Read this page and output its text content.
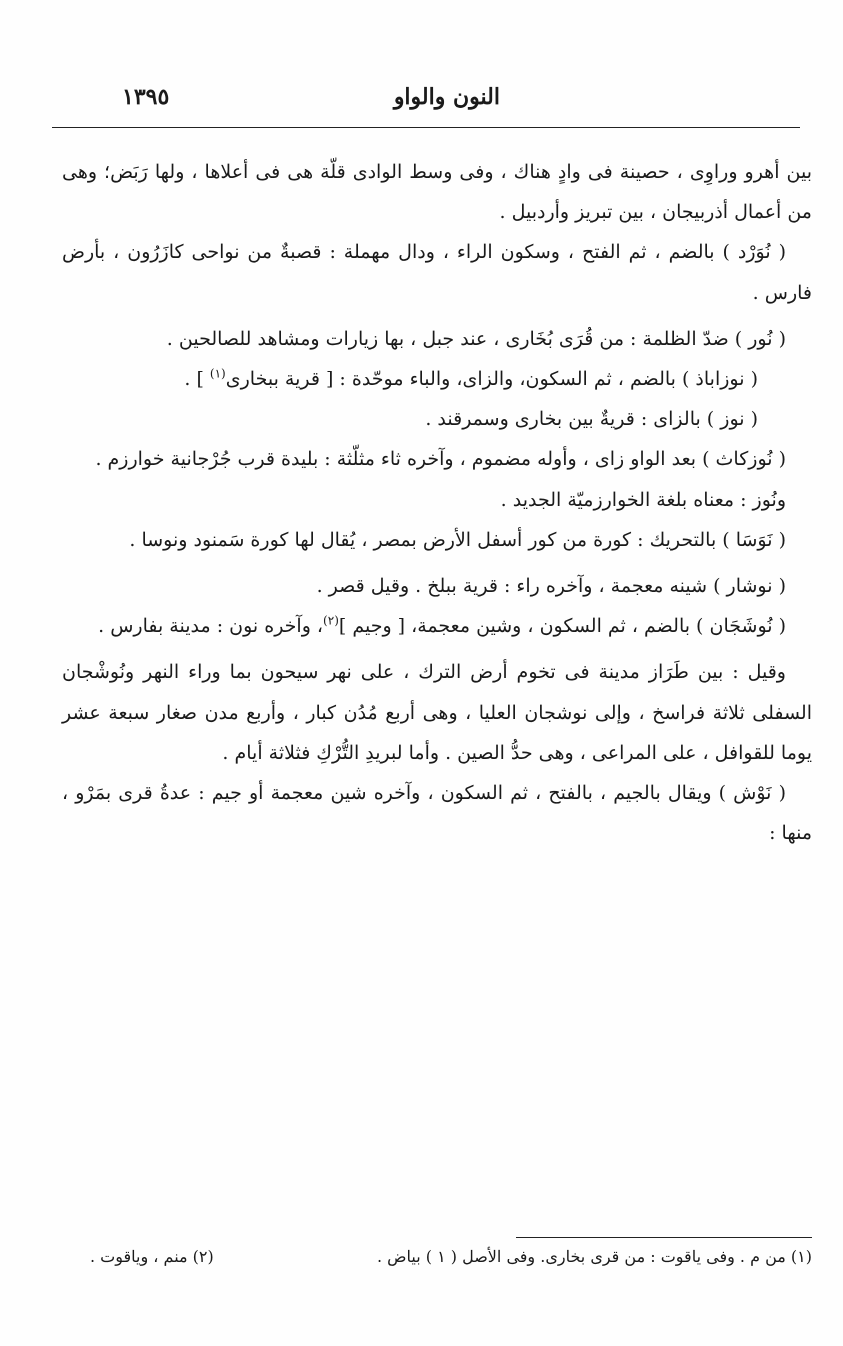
النون والواو
١٣٩٥

بين أهرو وراوِى ، حصينة فى وادٍ هناك ، وفى وسط الوادى قلّة هى فى أعلاها ، ولها رَبَض؛ وهى من أعمال أذربيجان ، بين تبريز وأردبيل .

( نُوَرْد ) بالضم ، ثم الفتح ، وسكون الراء ، ودال مهملة : قصبةٌ من نواحى كازَرُون ، بأرض فارس .

( نُور ) ضدّ الظلمة : من قُرَى بُخَارى ، عند جبل ، بها زيارات ومشاهد للصالحين .

( نوزاباذ ) بالضم ، ثم السكون، والزاى، والباء موحّدة : [ قرية ببخارى$^{(١)}$ ] .

( نوز ) بالزاى : قريةٌ بين بخارى وسمرقند .

( نُوزكاث ) بعد الواو زاى ، وأوله مضموم ، وآخره ثاء مثلّثة : بليدة قرب جُرْجانية خوارزم .

ونُوز : معناه بلغة الخوارزميّة الجديد .

( نَوَسَا ) بالتحريك : كورة من كور أسفل الأرض بمصر ، يُقال لها كورة سَمنود ونوسا .

( نوشار ) شينه معجمة ، وآخره راء : قرية ببلخ . وقيل قصر .

( نُوشَجَان ) بالضم ، ثم السكون ، وشين معجمة، [ وجيم ]$^{(٢)}$، وآخره نون : مدينة بفارس .

وقيل : بين طَرَاز مدينة فى تخوم أرض الترك ، على نهر سيحون بما وراء النهر ونُوشْجان السفلى ثلاثة فراسخ ، وإلى نوشجان العليا ، وهى أربع مُدُن كبار ، وأربع مدن صغار سبعة عشر يوما للقوافل ، على المراعى ، وهى حدُّ الصين . وأما لبريدِ التُّرْكِ فثلاثة أيام .

( نَوْش ) ويقال بالجيم ، بالفتح ، ثم السكون ، وآخره شين معجمة أو جيم : عدةُ قرى بمَرْو ، منها :

(١) من م . وفى ياقوت : من قرى بخارى. وفى الأصل ( ١ ) بياض .
(٢) منم ، وياقوت .
